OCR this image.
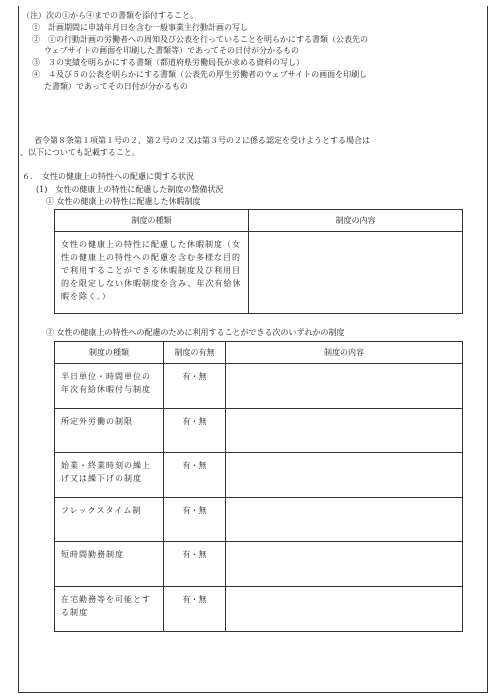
（注）次の①から④までの書類を添付すること。
①　計画期間に申請年月日を含む一般事業主行動計画の写し
②　①の行動計画の労働者への周知及び公表を行っていることを明らかにする書類（公表先の
ウェブサイトの画面を印刷した書類等）であってその日付が分かるもの
③　３の実績を明らかにする書類（都道府県労働局長が求める資料の写し）
④　４及び５の公表を明らかにする書類（公表先の厚生労働者のウェブサイトの画面を印刷し
た書類）であってその日付が分かるもの
省令第８条第１項第１号の２、第２号の２又は第３号の２に係る認定を受けようとする場合は
、以下についても記載すること。
６．　女性の健康上の特性への配慮に関する状況
(1)　女性の健康上の特性に配慮した制度の整備状況
① 女性の健康上の特性に配慮した休暇制度
制度の種類	制度の内容

女性の健康上の特性に配慮した休暇制度（女性の健康上の特性への配慮を含む多様な目的で利用することができる休暇制度及び利用目的を限定しない休暇制度を含み、年次有給休暇を除く。）	

② 女性の健康上の特性への配慮のために利用することができる次のいずれかの制度
制度の種類	制度の有無	制度の内容

半日単位・時間単位の年次有給休暇付与制度	有・無	

所定外労働の制限	有・無	

始業・終業時刻の繰上げ又は繰下げの制度	有・無	

フレックスタイム制	有・無	

短時間勤務制度	有・無	

在宅勤務等を可能とする制度	有・無	
